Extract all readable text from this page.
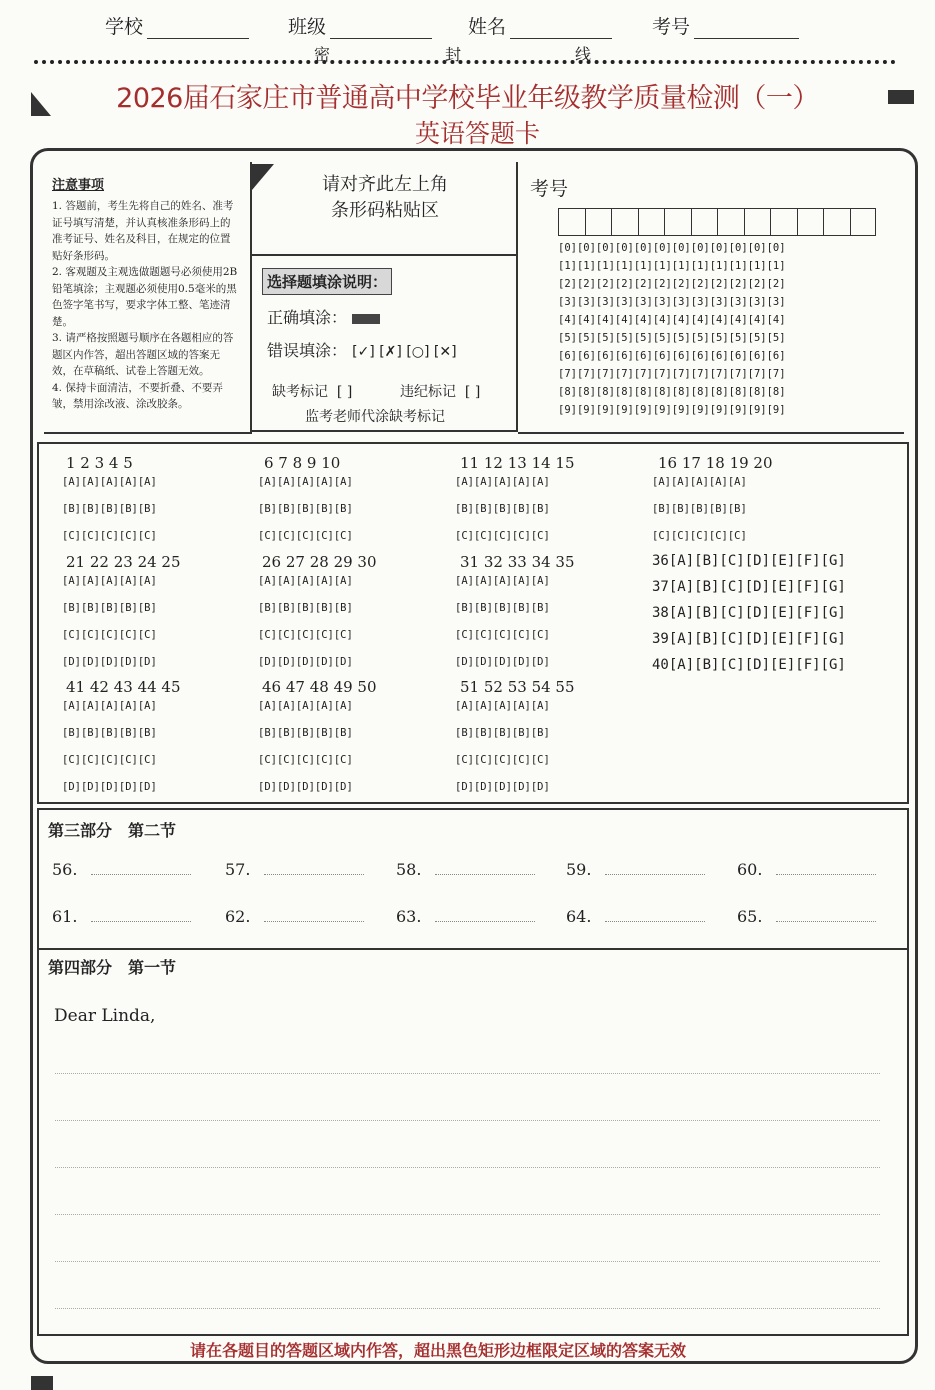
学校	班级	姓名	考号
密	封	线
2026届石家庄市普通高中学校毕业年级教学质量检测（一）
英语答题卡
注意事项

1. 答题前，考生先将自己的姓名、准考证号填写清楚，并认真核准条形码上的准考证号、姓名及科目，在规定的位置贴好条形码。

2. 客观题及主观选做题题号必须使用2B铅笔填涂；主观题必须使用0.5毫米的黑色签字笔书写，要求字体工整、笔迹清楚。

3. 请严格按照题号顺序在各题相应的答题区内作答，超出答题区域的答案无效，在草稿纸、试卷上答题无效。

4. 保持卡面清洁，不要折叠、不要弄皱，禁用涂改液、涂改胶条。

请对齐此左上角
条形码粘贴区
选择题填涂说明：
正确填涂：
错误填涂： [✓] [✗] [○] [✕]
缺考标记 [ ]	违纪标记 [ ]
监考老师代涂缺考标记
考号
[0][0][0][0][0][0][0][0][0][0][0][0]
[1][1][1][1][1][1][1][1][1][1][1][1]
[2][2][2][2][2][2][2][2][2][2][2][2]
[3][3][3][3][3][3][3][3][3][3][3][3]
[4][4][4][4][4][4][4][4][4][4][4][4]
[5][5][5][5][5][5][5][5][5][5][5][5]
[6][6][6][6][6][6][6][6][6][6][6][6]
[7][7][7][7][7][7][7][7][7][7][7][7]
[8][8][8][8][8][8][8][8][8][8][8][8]
[9][9][9][9][9][9][9][9][9][9][9][9]
1 2 3 4 5
[A][A][A][A][A]
[B][B][B][B][B]
[C][C][C][C][C]
6 7 8 9 10
[A][A][A][A][A]
[B][B][B][B][B]
[C][C][C][C][C]
11 12 13 14 15
[A][A][A][A][A]
[B][B][B][B][B]
[C][C][C][C][C]
16 17 18 19 20
[A][A][A][A][A]
[B][B][B][B][B]
[C][C][C][C][C]
21 22 23 24 25
[A][A][A][A][A]
[B][B][B][B][B]
[C][C][C][C][C]
[D][D][D][D][D]
26 27 28 29 30
[A][A][A][A][A]
[B][B][B][B][B]
[C][C][C][C][C]
[D][D][D][D][D]
31 32 33 34 35
[A][A][A][A][A]
[B][B][B][B][B]
[C][C][C][C][C]
[D][D][D][D][D]
36[A][B][C][D][E][F][G]
37[A][B][C][D][E][F][G]
38[A][B][C][D][E][F][G]
39[A][B][C][D][E][F][G]
40[A][B][C][D][E][F][G]
41 42 43 44 45
[A][A][A][A][A]
[B][B][B][B][B]
[C][C][C][C][C]
[D][D][D][D][D]
46 47 48 49 50
[A][A][A][A][A]
[B][B][B][B][B]
[C][C][C][C][C]
[D][D][D][D][D]
51 52 53 54 55
[A][A][A][A][A]
[B][B][B][B][B]
[C][C][C][C][C]
[D][D][D][D][D]
第三部分　第二节
56.	57.	58.	59.	60.
61.	62.	63.	64.	65.
第四部分　第一节
Dear Linda,
请在各题目的答题区域内作答，超出黑色矩形边框限定区域的答案无效
